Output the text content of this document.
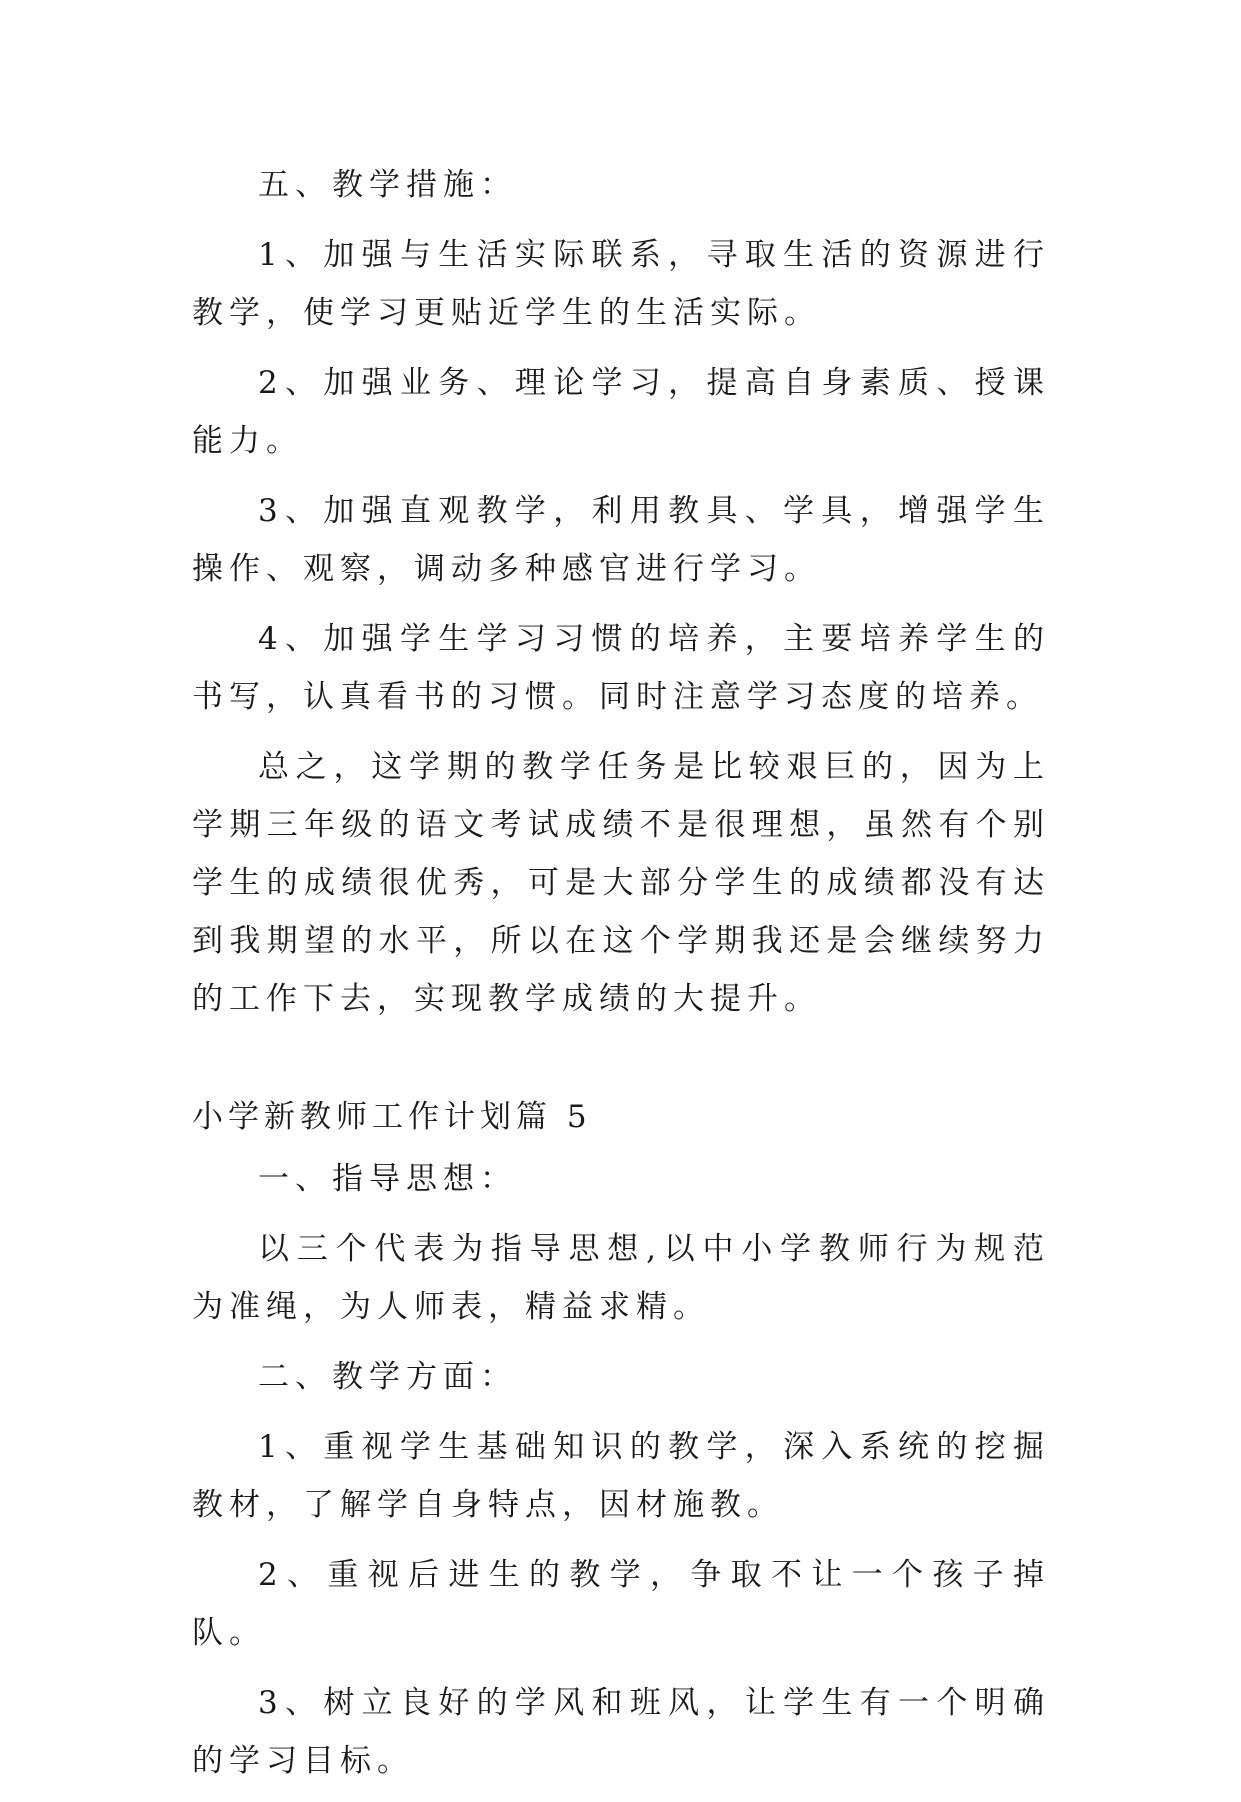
五、教学措施：

1、加强与生活实际联系，寻取生活的资源进行教学，使学习更贴近学生的生活实际。

2、加强业务、理论学习，提高自身素质、授课能力。

3、加强直观教学，利用教具、学具，增强学生操作、观察，调动多种感官进行学习。

4、加强学生学习习惯的培养，主要培养学生的书写，认真看书的习惯。同时注意学习态度的培养。

总之，这学期的教学任务是比较艰巨的，因为上学期三年级的语文考试成绩不是很理想，虽然有个别学生的成绩很优秀，可是大部分学生的成绩都没有达到我期望的水平，所以在这个学期我还是会继续努力的工作下去，实现教学成绩的大提升。

小学新教师工作计划篇 5

一、指导思想：

以三个代表为指导思想,以中小学教师行为规范为准绳，为人师表，精益求精。

二、教学方面：

1、重视学生基础知识的教学，深入系统的挖掘教材，了解学自身特点，因材施教。

2、重视后进生的教学，争取不让一个孩子掉队。

3、树立良好的学风和班风，让学生有一个明确的学习目标。
